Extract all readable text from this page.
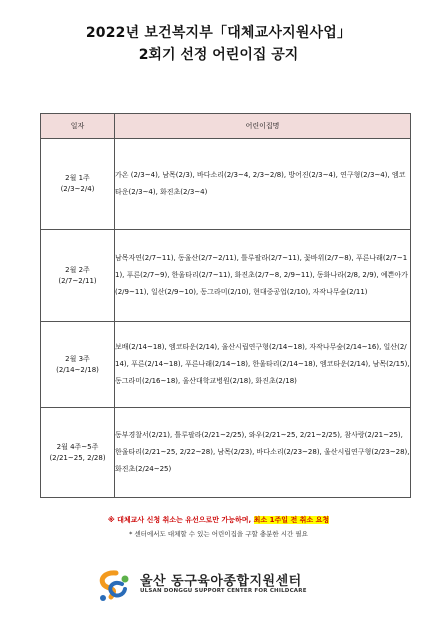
2022년 보건복지부「대체교사지원사업」
2회기 선정 어린이집 공지
일자	어린이집명

2월 1주
(2/3~2/4)	가온 (2/3~4), 남목(2/3), 바다소리(2/3~4, 2/3~2/8), 방어진(2/3~4), 연구형(2/3~4), 엠코타운(2/3~4), 화진초(2/3~4)

2월 2주
(2/7~2/11)	남목자연(2/7~11), 동울산(2/7~2/11), 틀루팔라(2/7~11), 꽃바위(2/7~8), 푸른나래(2/7~11), 푸른(2/7~9), 한울타리(2/7~11), 화진초(2/7~8, 2/9~11), 동화나라(2/8, 2/9), 예쁜아가(2/9~11), 일산(2/9~10), 동그라미(2/10), 현대중공업(2/10), 자작나무숲(2/11)

2월 3주
(2/14~2/18)	보배(2/14~18), 엠코타운(2/14), 울산시립연구형(2/14~18), 자작나무숲(2/14~16), 일산(2/14), 푸른(2/14~18), 푸른나래(2/14~18), 한울타리(2/14~18), 엠코타운(2/14), 남목(2/15), 동그라미(2/16~18), 울산대학교병원(2/18), 화진초(2/18)

2월 4주~5주
(2/21~25, 2/28)	동부경찰서(2/21), 틀루팔라(2/21~2/25), 와우(2/21~25, 2/21~2/25), 참사랑(2/21~25), 한울타리(2/21~25, 2/22~28), 남목(2/23), 바다소리(2/23~28), 울산시립연구형(2/23~28), 화진초(2/24~25)
※ 대체교사 신청 취소는 유선으로만 가능하며, 최소 1주일 전 취소 요청
* 센터에서도 대체할 수 있는 어린이집을 구할 충분한 시간 필요
울산 동구육아종합지원센터
ULSAN DONGGU SUPPORT CENTER FOR CHILDCARE
